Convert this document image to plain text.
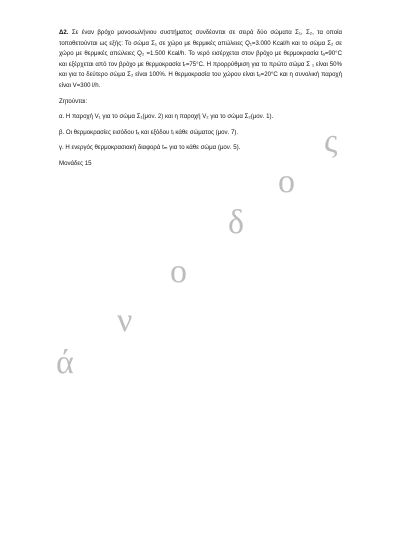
Δ2. Σε έναν βρόχο μονοσωλήνιου συστήματος συνδέονται σε σειρά δύο σώματα Σ₁, Σ₂, τα οποία τοποθετούνται ως εξής: Το σώμα Σ₁ σε χώρο με θερμικές απώλειες Q₁=3.000 Kcal/h και το σώμα Σ₂ σε χώρο με θερμικές απώλειες Q₂ =1.500 Kcal/h. Το νερό εισέρχεται στον βρόχο με θερμοκρασία tₐ=90°C και εξέρχεται από τον βρόχο με θερμοκρασία tᵣ=75°C. Η προρρύθμιση για το πρώτο σώμα Σ ₁ είναι 50% και για το δεύτερο σώμα Σ₂ είναι 100%. Η θερμοκρασία του χώρου είναι tₑ=20°C και η συνολική παροχή είναι V=300 l/h.

Ζητούνται:

α. Η παροχή V₁ για το σώμα Σ₁(μον. 2) και η παροχή V₂ για το σώμα Σ₂(μον. 1).

β. Οι θερμοκρασίες εισόδου tₓ και εξόδου tᵢ κάθε σώματος (μον. 7).

γ. Η ενεργός θερμοκρασιακή διαφορά tₘ για το κάθε σώμα (μον. 5).

Μονάδες 15

ά
ν
ο
δ
ο
ς
